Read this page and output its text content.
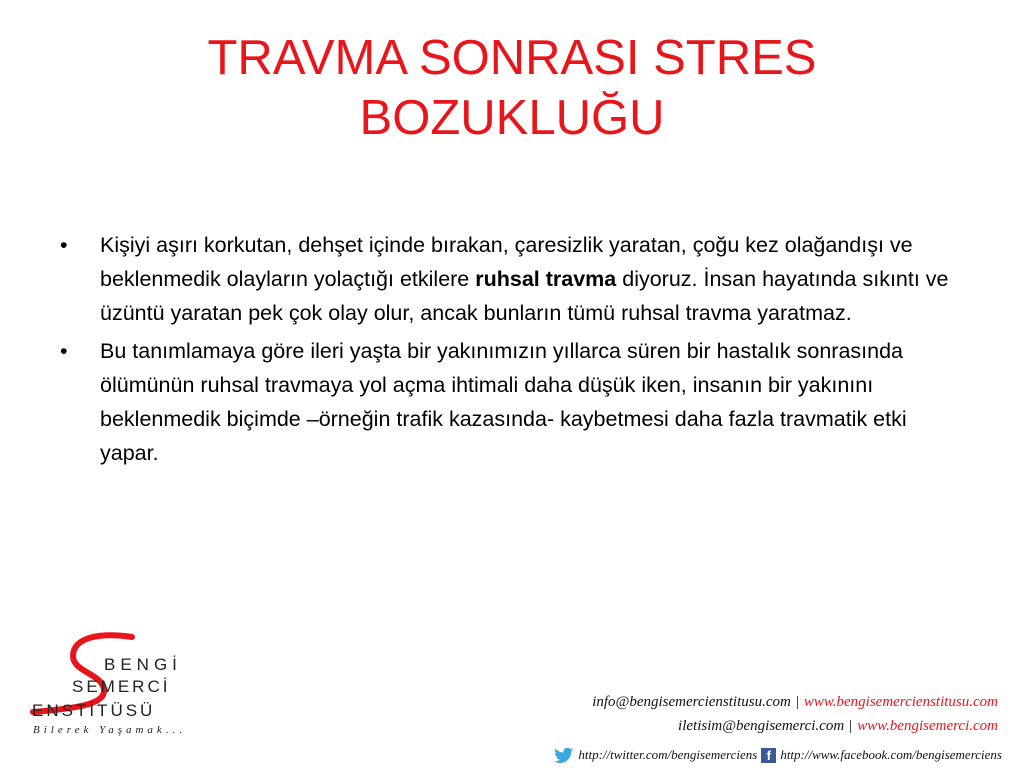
TRAVMA SONRASI STRES
BOZUKLUĞU
•	Kişiyi aşırı korkutan, dehşet içinde bırakan, çaresizlik yaratan, çoğu kez olağandışı ve beklenmedik olayların yolaçtığı etkilere ruhsal travma diyoruz. İnsan hayatında sıkıntı ve üzüntü yaratan pek çok olay olur, ancak bunların tümü ruhsal travma yaratmaz.
•	Bu tanımlamaya göre ileri yaşta bir yakınımızın yıllarca süren bir hastalık sonrasında ölümünün ruhsal travmaya yol açma ihtimali daha düşük iken, insanın bir yakınını beklenmedik biçimde –örneğin trafik kazasında- kaybetmesi daha fazla travmatik etki yapar.
BENGİ
SEMERCİ
ENSTİTÜSÜ
Bilerek Yaşamak...
info@bengisemercienstitusu.com | www.bengisemercienstitusu.com
iletisim@bengisemerci.com | www.bengisemerci.com
http://twitter.com/bengisemerciens f http://www.facebook.com/bengisemerciens
